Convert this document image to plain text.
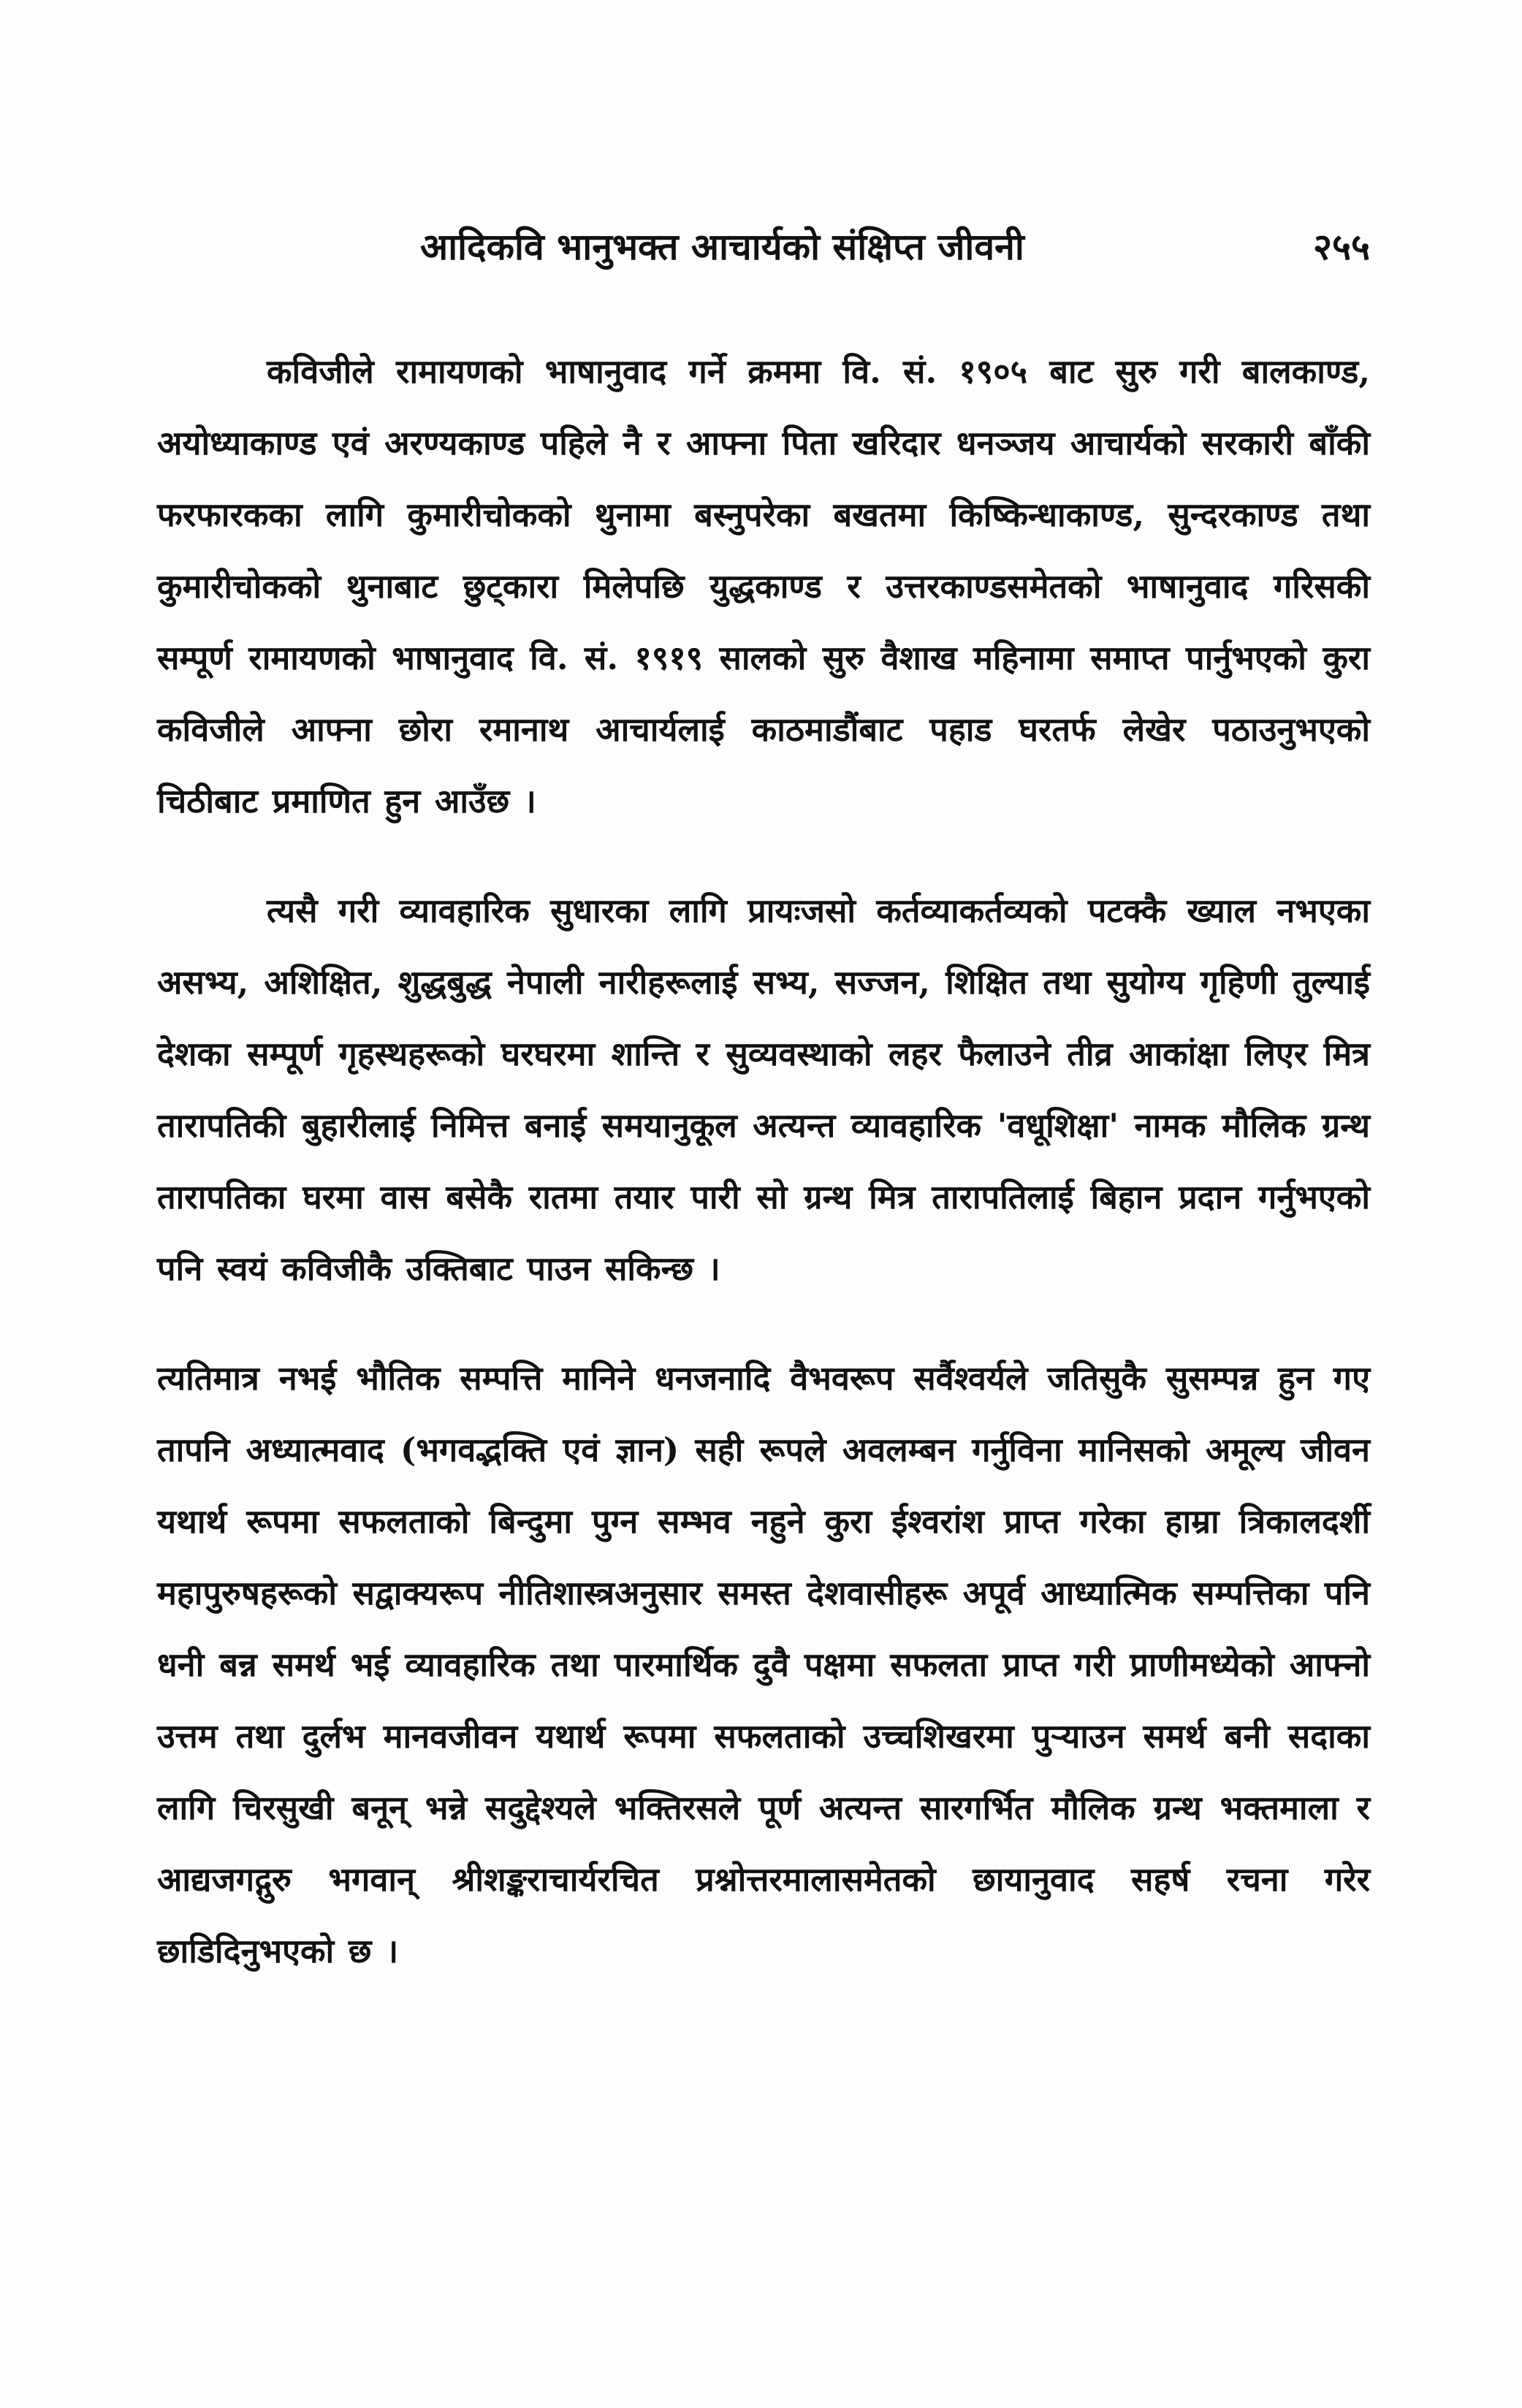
आदिकवि भानुभक्त आचार्यको संक्षिप्त जीवनी	२५५

कविजीले रामायणको भाषानुवाद गर्ने क्रममा वि. सं. १९०५ बाट सुरु गरी बालकाण्ड, अयोध्याकाण्ड एवं अरण्यकाण्ड पहिले नै र आफ्ना पिता खरिदार धनञ्जय आचार्यको सरकारी बाँकी फरफारकका लागि कुमारीचोकको थुनामा बस्नुपरेका बखतमा किष्किन्धाकाण्ड, सुन्दरकाण्ड तथा कुमारीचोकको थुनाबाट छुट्कारा मिलेपछि युद्धकाण्ड र उत्तरकाण्डसमेतको भाषानुवाद गरिसकी सम्पूर्ण रामायणको भाषानुवाद वि. सं. १९१९ सालको सुरु वैशाख महिनामा समाप्त पार्नुभएको कुरा कविजीले आफ्ना छोरा रमानाथ आचार्यलाई काठमाडौंबाट पहाड घरतर्फ लेखेर पठाउनुभएको चिठीबाट प्रमाणित हुन आउँछ ।

त्यसै गरी व्यावहारिक सुधारका लागि प्रायःजसो कर्तव्याकर्तव्यको पटक्कै ख्याल नभएका असभ्य, अशिक्षित, शुद्धबुद्ध नेपाली नारीहरूलाई सभ्य, सज्जन, शिक्षित तथा सुयोग्य गृहिणी तुल्याई देशका सम्पूर्ण गृहस्थहरूको घरघरमा शान्ति र सुव्यवस्थाको लहर फैलाउने तीव्र आकांक्षा लिएर मित्र तारापतिकी बुहारीलाई निमित्त बनाई समयानुकूल अत्यन्त व्यावहारिक 'वधूशिक्षा' नामक मौलिक ग्रन्थ तारापतिका घरमा वास बसेकै रातमा तयार पारी सो ग्रन्थ मित्र तारापतिलाई बिहान प्रदान गर्नुभएको पनि स्वयं कविजीकै उक्तिबाट पाउन सकिन्छ ।

त्यतिमात्र नभई भौतिक सम्पत्ति मानिने धनजनादि वैभवरूप सर्वैश्वर्यले जतिसुकै सुसम्पन्न हुन गए तापनि अध्यात्मवाद (भगवद्भक्ति एवं ज्ञान) सही रूपले अवलम्बन गर्नुविना मानिसको अमूल्य जीवन यथार्थ रूपमा सफलताको बिन्दुमा पुग्न सम्भव नहुने कुरा ईश्वरांश प्राप्त गरेका हाम्रा त्रिकालदर्शी महापुरुषहरूको सद्वाक्यरूप नीतिशास्त्रअनुसार समस्त देशवासीहरू अपूर्व आध्यात्मिक सम्पत्तिका पनि धनी बन्न समर्थ भई व्यावहारिक तथा पारमार्थिक दुवै पक्षमा सफलता प्राप्त गरी प्राणीमध्येको आफ्नो उत्तम तथा दुर्लभ मानवजीवन यथार्थ रूपमा सफलताको उच्चशिखरमा पुर्‍याउन समर्थ बनी सदाका लागि चिरसुखी बनून् भन्ने सदुद्देश्यले भक्तिरसले पूर्ण अत्यन्त सारगर्भित मौलिक ग्रन्थ भक्तमाला र आद्यजगद्गुरु भगवान् श्रीशङ्कराचार्यरचित प्रश्नोत्तरमालासमेतको छायानुवाद सहर्ष रचना गरेर छाडिदिनुभएको छ ।
